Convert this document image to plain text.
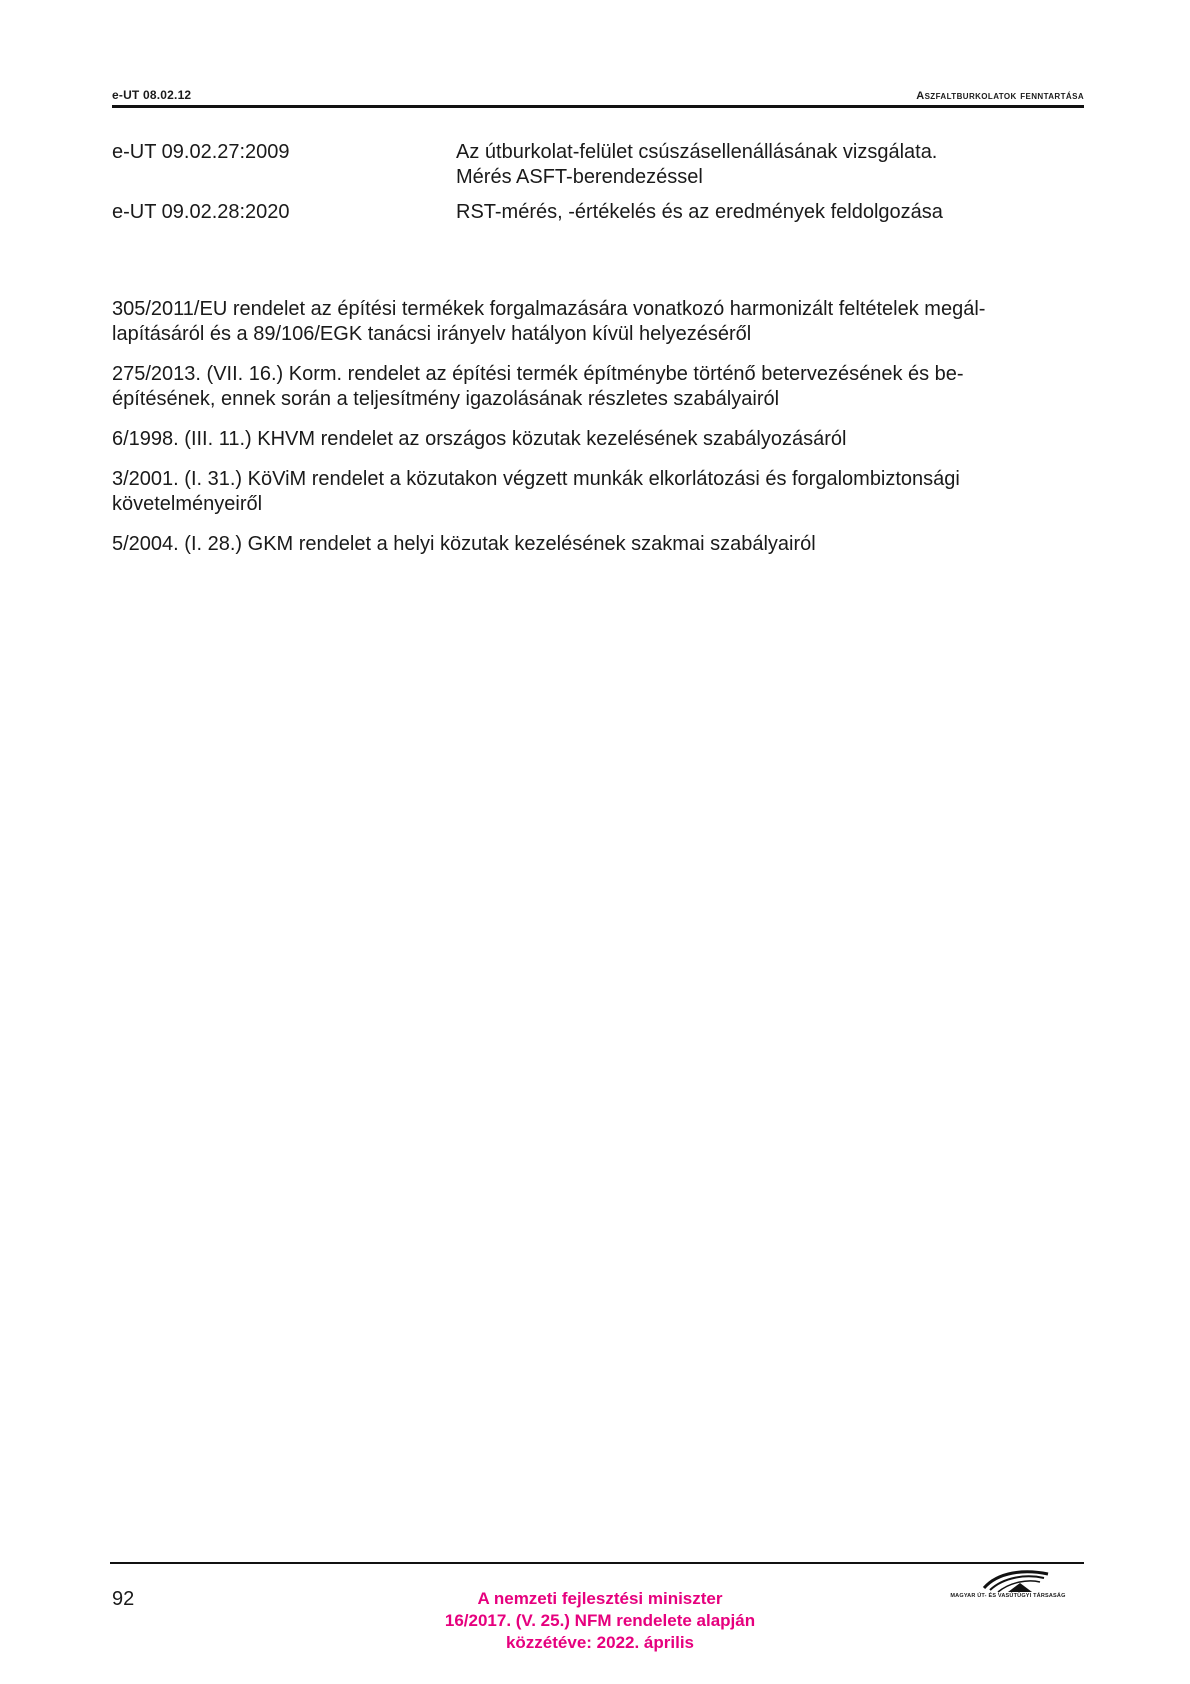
e-UT 08.02.12	Aszfaltburkolatok fenntartása
e-UT 09.02.27:2009	Az útburkolat-felület csúszásellenállásának vizsgálata.
Mérés ASFT-berendezéssel
e-UT 09.02.28:2020	RST-mérés, -értékelés és az eredmények feldolgozása

305/2011/EU rendelet az építési termékek forgalmazására vonatkozó harmonizált feltételek megál-
lapításáról és a 89/106/EGK tanácsi irányelv hatályon kívül helyezéséről

275/2013. (VII. 16.) Korm. rendelet az építési termék építménybe történő betervezésének és be-
építésének, ennek során a teljesítmény igazolásának részletes szabályairól

6/1998. (III. 11.) KHVM rendelet az országos közutak kezelésének szabályozásáról

3/2001. (I. 31.) KöViM rendelet a közutakon végzett munkák elkorlátozási és forgalombiztonsági
követelményeiről

5/2004. (I. 28.) GKM rendelet a helyi közutak kezelésének szakmai szabályairól

92	A nemzeti fejlesztési miniszter
16/2017. (V. 25.) NFM rendelete alapján
közzétéve: 2022. április
MAGYAR ÚT- ÉS VASÚTÜGYI TÁRSASÁG
